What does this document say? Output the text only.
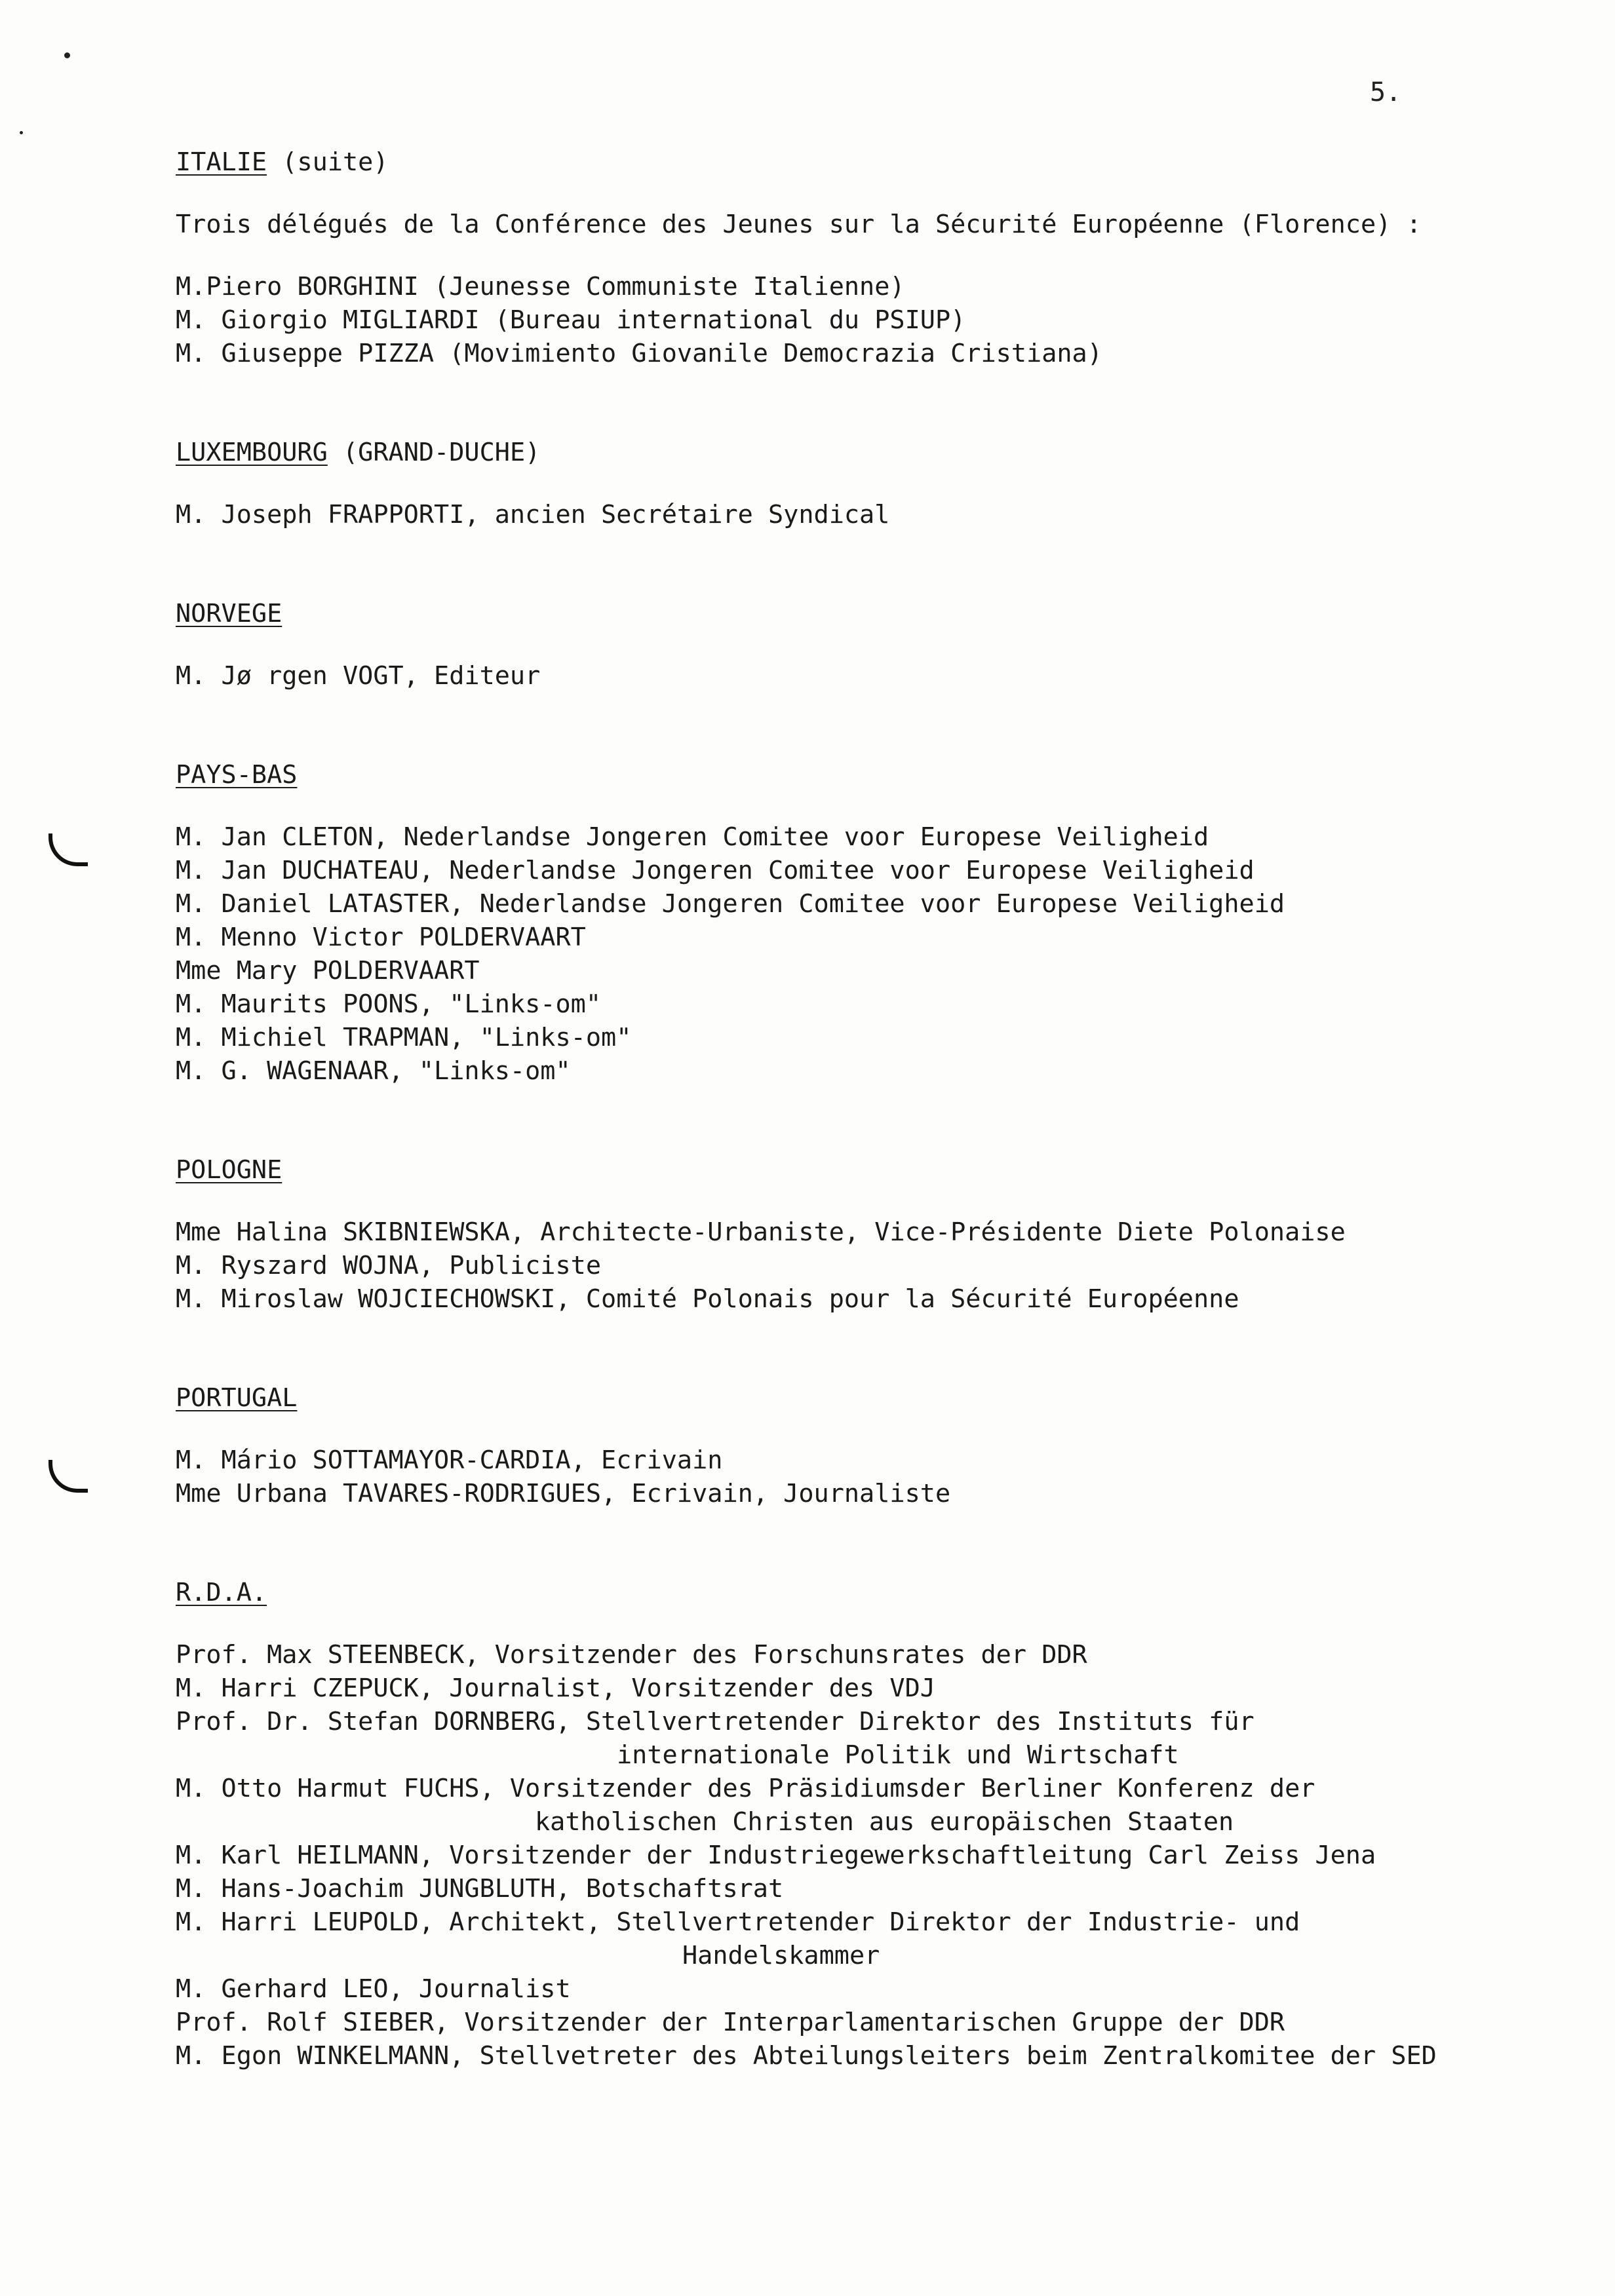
5.
ITALIE (suite)
Trois délégués de la Conférence des Jeunes sur la Sécurité Européenne (Florence) :
M.Piero BORGHINI (Jeunesse Communiste Italienne)
M. Giorgio MIGLIARDI (Bureau international du PSIUP)
M. Giuseppe PIZZA (Movimiento Giovanile Democrazia Cristiana)
LUXEMBOURG (GRAND-DUCHE)
M. Joseph FRAPPORTI, ancien Secrétaire Syndical
NORVEGE
M. Jø rgen VOGT, Editeur
PAYS-BAS
M. Jan CLETON, Nederlandse Jongeren Comitee voor Europese Veiligheid
M. Jan DUCHATEAU, Nederlandse Jongeren Comitee voor Europese Veiligheid
M. Daniel LATASTER, Nederlandse Jongeren Comitee voor Europese Veiligheid
M. Menno Victor POLDERVAART
Mme Mary POLDERVAART
M. Maurits POONS, "Links-om"
M. Michiel TRAPMAN, "Links-om"
M. G. WAGENAAR, "Links-om"
POLOGNE
Mme Halina SKIBNIEWSKA, Architecte-Urbaniste, Vice-Présidente Diete Polonaise
M. Ryszard WOJNA, Publiciste
M. Miroslaw WOJCIECHOWSKI, Comité Polonais pour la Sécurité Européenne
PORTUGAL
M. Mário SOTTAMAYOR-CARDIA, Ecrivain
Mme Urbana TAVARES-RODRIGUES, Ecrivain, Journaliste
R.D.A.
Prof. Max STEENBECK, Vorsitzender des Forschunsrates der DDR
M. Harri CZEPUCK, Journalist, Vorsitzender des VDJ
Prof. Dr. Stefan DORNBERG, Stellvertretender Direktor des Instituts für
internationale Politik und Wirtschaft
M. Otto Harmut FUCHS, Vorsitzender des Präsidiumsder Berliner Konferenz der
katholischen Christen aus europäischen Staaten
M. Karl HEILMANN, Vorsitzender der Industriegewerkschaftleitung Carl Zeiss Jena
M. Hans-Joachim JUNGBLUTH, Botschaftsrat
M. Harri LEUPOLD, Architekt, Stellvertretender Direktor der Industrie- und
Handelskammer
M. Gerhard LEO, Journalist
Prof. Rolf SIEBER, Vorsitzender der Interparlamentarischen Gruppe der DDR
M. Egon WINKELMANN, Stellvetreter des Abteilungsleiters beim Zentralkomitee der SED
